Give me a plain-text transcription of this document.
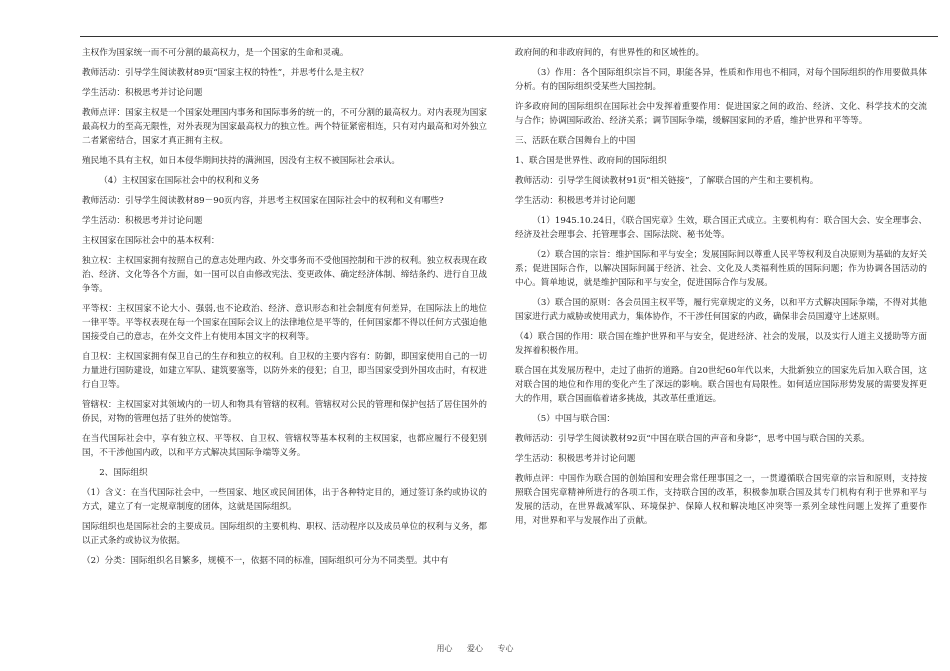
主权作为国家统一而不可分割的最高权力，是一个国家的生命和灵魂。

教师活动：引导学生阅读教材89页“国家主权的特性”，并思考什么是主权？

学生活动：积极思考并讨论问题

教师点评：国家主权是一个国家处理国内事务和国际事务的统一的，不可分割的最高权力。对内表现为国家最高权力的至高无限性，对外表现为国家最高权力的独立性。两个特征紧密相连，只有对内最高和对外独立二者紧密结合，国家才真正拥有主权。

殖民地不具有主权，如日本侵华期间扶持的满洲国，因没有主权不被国际社会承认。

（4）主权国家在国际社会中的权利和义务

教师活动：引导学生阅读教材89－90页内容，并思考主权国家在国际社会中的权利和义有哪些?

学生活动：积极思考并讨论问题

主权国家在国际社会中的基本权利：

独立权：主权国家拥有按照自己的意志处理内政、外交事务而不受他国控制和干涉的权利。独立权表现在政治、经济、文化等各个方面，如一国可以自由修改宪法、变更政体、确定经济体制、缔结条约、进行自卫战争等。

平等权：主权国家不论大小、强弱,也不论政治、经济、意识形态和社会制度有何差异，在国际法上的地位一律平等。平等权表现在每一个国家在国际会议上的法律地位是平等的，任何国家都不得以任何方式强迫他国接受自己的意志，在外交文件上有使用本国文字的权利等。

自卫权：主权国家拥有保卫自己的生存和独立的权利。自卫权的主要内容有：防御，即国家使用自己的一切力量进行国防建设，如建立军队、建筑要塞等，以防外来的侵犯；自卫，即当国家受到外国攻击时，有权进行自卫等。

管辖权：主权国家对其领域内的一切人和物具有管辖的权利。管辖权对公民的管理和保护包括了居住国外的侨民，对物的管理包括了驻外的使馆等。

在当代国际社会中，享有独立权、平等权、自卫权、管辖权等基本权利的主权国家，也都应履行不侵犯别国，不干涉他国内政，以和平方式解决其国际争端等义务。

2、国际组织

（1）含义：在当代国际社会中，一些国家、地区或民间团体，出于各种特定目的，通过签订条约或协议的方式，建立了有一定规章制度的团体，这就是国际组织。

国际组织也是国际社会的主要成员。国际组织的主要机构、职权、活动程序以及成员单位的权利与义务，都以正式条约或协议为依据。

（2）分类：国际组织名目繁多，规模不一，依据不同的标准，国际组织可分为不同类型。其中有

政府间的和非政府间的，有世界性的和区域性的。

（3）作用：各个国际组织宗旨不同，职能各异，性质和作用也不相同，对每个国际组织的作用要做具体分析。有的国际组织受某些大国控制。

许多政府间的国际组织在国际社会中发挥着重要作用：促进国家之间的政治、经济、文化、科学技术的交流与合作；协调国际政治、经济关系；调节国际争端，缓解国家间的矛盾，维护世界和平等等。

三、活跃在联合国舞台上的中国

1、联合国是世界性、政府间的国际组织

教师活动：引导学生阅读教材91页“相关链接”，了解联合国的产生和主要机构。

学生活动：积极思考并讨论问题

（1）1945.10.24日，《联合国宪章》生效，联合国正式成立。主要机构有：联合国大会、安全理事会、经济及社会理事会、托管理事会、国际法院、秘书处等。

（2）联合国的宗旨：维护国际和平与安全；发展国际间以尊重人民平等权利及自决原则为基础的友好关系；促进国际合作，以解决国际间属于经济、社会、文化及人类福利性质的国际问题；作为协调各国活动的中心。简单地说，就是维护国际和平与安全，促进国际合作与发展。

（3）联合国的原则：各会员国主权平等，履行宪章规定的义务，以和平方式解决国际争端，不得对其他国家进行武力威胁或使用武力，集体协作，不干涉任何国家的内政，确保非会员国遵守上述原则。

（4）联合国的作用：联合国在维护世界和平与安全，促进经济、社会的发展，以及实行人道主义援助等方面发挥着积极作用。

联合国在其发展历程中，走过了曲折的道路。自20世纪60年代以来，大批新独立的国家先后加入联合国，这对联合国的地位和作用的变化产生了深远的影响。联合国也有局限性。如何适应国际形势发展的需要发挥更大的作用，联合国面临着诸多挑战，其改革任重道远。

（5）中国与联合国：

教师活动：引导学生阅读教材92页“中国在联合国的声音和身影”，思考中国与联合国的关系。

学生活动：积极思考并讨论问题

教师点评：中国作为联合国的创始国和安理会常任理事国之一，一贯遵循联合国宪章的宗旨和原则，支持按照联合国宪章精神所进行的各项工作，支持联合国的改革，积极参加联合国及其专门机构有利于世界和平与发展的活动，在世界裁减军队、环境保护、保障人权和解决地区冲突等一系列全球性问题上发挥了重要作用，对世界和平与发展作出了贡献。

用心 爱心 专心
